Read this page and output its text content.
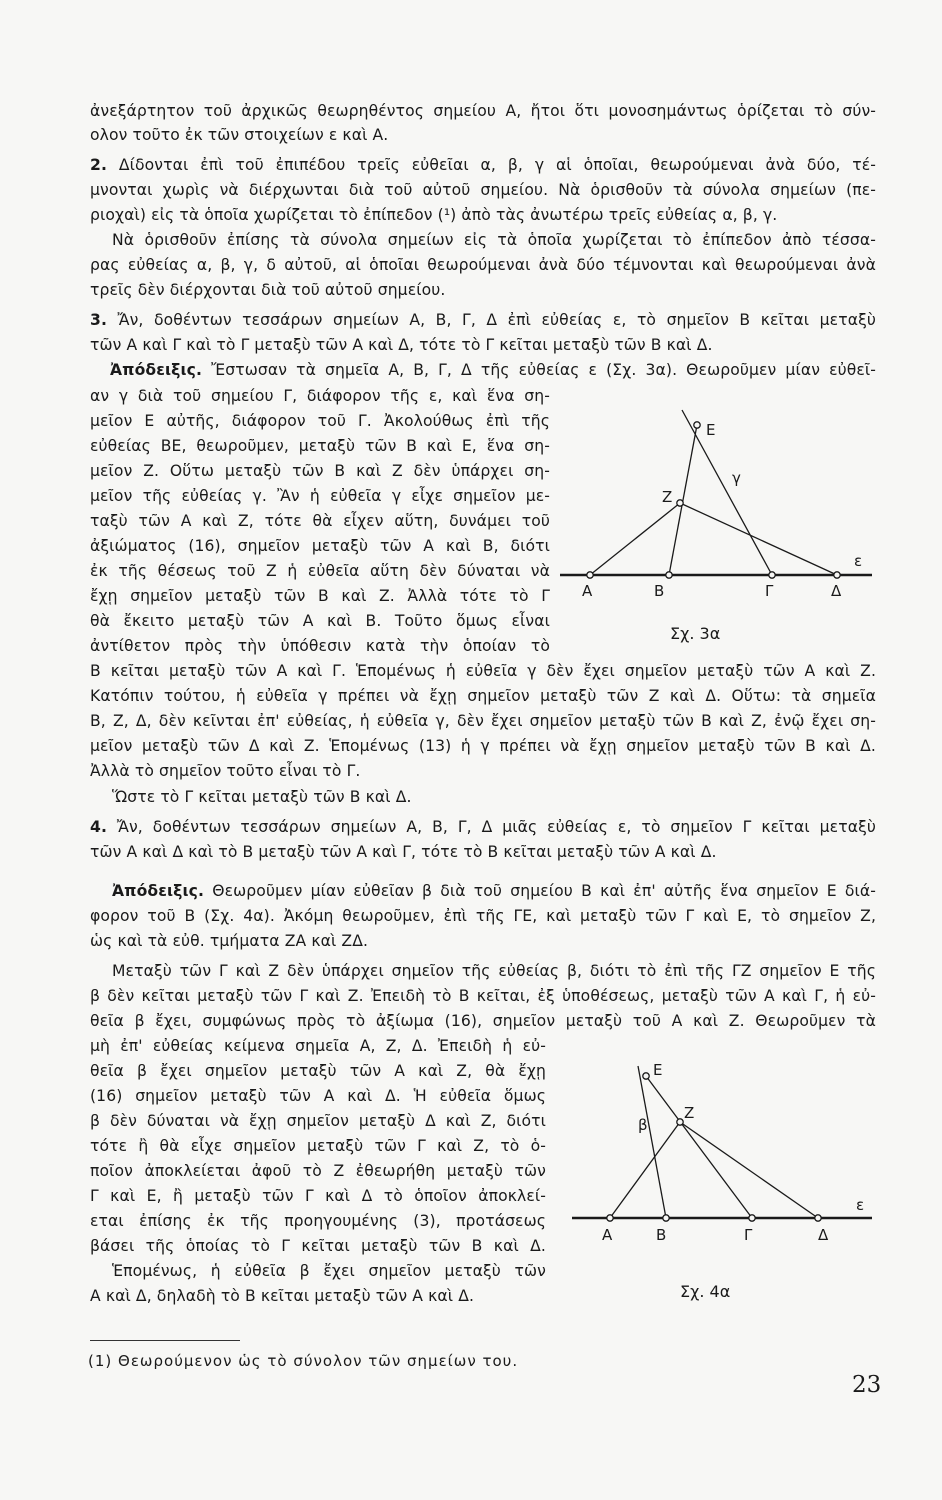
ἀνεξάρτητον τοῦ ἀρχικῶς θεωρηθέντος σημείου Α, ἤτοι ὅτι μονοσημάντως ὁρίζεται τὸ σύν-
ολον τοῦτο ἐκ τῶν στοιχείων ε καὶ Α.
2. Δίδονται ἐπὶ τοῦ ἐπιπέδου τρεῖς εὐθεῖαι α, β, γ αἱ ὁποῖαι, θεωρούμεναι ἀνὰ δύο, τέ-
μνονται χωρὶς νὰ διέρχωνται διὰ τοῦ αὐτοῦ σημείου. Νὰ ὁρισθοῦν τὰ σύνολα σημείων (πε-
ριοχαὶ) εἰς τὰ ὁποῖα χωρίζεται τὸ ἐπίπεδον (¹) ἀπὸ τὰς ἀνωτέρω τρεῖς εὐθείας α, β, γ.
Νὰ ὁρισθοῦν ἐπίσης τὰ σύνολα σημείων εἰς τὰ ὁποῖα χωρίζεται τὸ ἐπίπεδον ἀπὸ τέσσα-
ρας εὐθείας α, β, γ, δ αὐτοῦ, αἱ ὁποῖαι θεωρούμεναι ἀνὰ δύο τέμνονται καὶ θεωρούμεναι ἀνὰ
τρεῖς δὲν διέρχονται διὰ τοῦ αὐτοῦ σημείου.
3. Ἄν, δοθέντων τεσσάρων σημείων Α, Β, Γ, Δ ἐπὶ εὐθείας ε, τὸ σημεῖον Β κεῖται μεταξὺ
τῶν Α καὶ Γ καὶ τὸ Γ μεταξὺ τῶν Α καὶ Δ, τότε τὸ Γ κεῖται μεταξὺ τῶν Β καὶ Δ.
Ἀπόδειξις. Ἔστωσαν τὰ σημεῖα Α, Β, Γ, Δ τῆς εὐθείας ε (Σχ. 3α). Θεωροῦμεν μίαν εὐθεῖ-
αν γ διὰ τοῦ σημείου Γ, διάφορον τῆς ε, καὶ ἕνα ση-
μεῖον Ε αὐτῆς, διάφορον τοῦ Γ. Ἀκολούθως ἐπὶ τῆς
εὐθείας ΒΕ, θεωροῦμεν, μεταξὺ τῶν Β καὶ Ε, ἕνα ση-
μεῖον Ζ. Οὕτω μεταξὺ τῶν Β καὶ Ζ δὲν ὑπάρχει ση-
μεῖον τῆς εὐθείας γ. Ἂν ἡ εὐθεῖα γ εἶχε σημεῖον με-
ταξὺ τῶν Α καὶ Ζ, τότε θὰ εἶχεν αὕτη, δυνάμει τοῦ
ἀξιώματος (16), σημεῖον μεταξὺ τῶν Α καὶ Β, διότι
ἐκ τῆς θέσεως τοῦ Ζ ἡ εὐθεῖα αὕτη δὲν δύναται νὰ
ἔχῃ σημεῖον μεταξὺ τῶν Β καὶ Ζ. Ἀλλὰ τότε τὸ Γ
θὰ ἔκειτο μεταξὺ τῶν Α καὶ Β. Τοῦτο ὅμως εἶναι
ἀντίθετον πρὸς τὴν ὑπόθεσιν κατὰ τὴν ὁποίαν τὸ
Β κεῖται μεταξὺ τῶν Α καὶ Γ. Ἑπομένως ἡ εὐθεῖα γ δὲν ἔχει σημεῖον μεταξὺ τῶν Α καὶ Ζ.
Κατόπιν τούτου, ἡ εὐθεῖα γ πρέπει νὰ ἔχῃ σημεῖον μεταξὺ τῶν Ζ καὶ Δ. Οὕτω: τὰ σημεῖα
Β, Ζ, Δ, δὲν κεῖνται ἐπ' εὐθείας, ἡ εὐθεῖα γ, δὲν ἔχει σημεῖον μεταξὺ τῶν Β καὶ Ζ, ἐνῷ ἔχει ση-
μεῖον μεταξὺ τῶν Δ καὶ Ζ. Ἑπομένως (13) ἡ γ πρέπει νὰ ἔχῃ σημεῖον μεταξὺ τῶν Β καὶ Δ.
Ἀλλὰ τὸ σημεῖον τοῦτο εἶναι τὸ Γ.
Ὥστε τὸ Γ κεῖται μεταξὺ τῶν Β καὶ Δ.
4. Ἄν, δοθέντων τεσσάρων σημείων Α, Β, Γ, Δ μιᾶς εὐθείας ε, τὸ σημεῖον Γ κεῖται μεταξὺ
τῶν Α καὶ Δ καὶ τὸ Β μεταξὺ τῶν Α καὶ Γ, τότε τὸ Β κεῖται μεταξὺ τῶν Α καὶ Δ.
Ἀπόδειξις. Θεωροῦμεν μίαν εὐθεῖαν β διὰ τοῦ σημείου Β καὶ ἐπ' αὐτῆς ἕνα σημεῖον Ε διά-
φορον τοῦ Β (Σχ. 4α). Ἀκόμη θεωροῦμεν, ἐπὶ τῆς ΓΕ, καὶ μεταξὺ τῶν Γ καὶ Ε, τὸ σημεῖον Ζ,
ὡς καὶ τὰ εὐθ. τμήματα ΖΑ καὶ ΖΔ.
Μεταξὺ τῶν Γ καὶ Ζ δὲν ὑπάρχει σημεῖον τῆς εὐθείας β, διότι τὸ ἐπὶ τῆς ΓΖ σημεῖον Ε τῆς
β δὲν κεῖται μεταξὺ τῶν Γ καὶ Ζ. Ἐπειδὴ τὸ Β κεῖται, ἐξ ὑποθέσεως, μεταξὺ τῶν Α καὶ Γ, ἡ εὐ-
θεῖα β ἔχει, συμφώνως πρὸς τὸ ἀξίωμα (16), σημεῖον μεταξὺ τοῦ Α καὶ Ζ. Θεωροῦμεν τὰ
μὴ ἐπ' εὐθείας κείμενα σημεῖα Α, Ζ, Δ. Ἐπειδὴ ἡ εὐ-
θεῖα β ἔχει σημεῖον μεταξὺ τῶν Α καὶ Ζ, θὰ ἔχῃ
(16) σημεῖον μεταξὺ τῶν Α καὶ Δ. Ἡ εὐθεῖα ὅμως
β δὲν δύναται νὰ ἔχῃ σημεῖον μεταξὺ Δ καὶ Ζ, διότι
τότε ἢ θὰ εἶχε σημεῖον μεταξὺ τῶν Γ καὶ Ζ, τὸ ὁ-
ποῖον ἀποκλείεται ἀφοῦ τὸ Ζ ἐθεωρήθη μεταξὺ τῶν
Γ καὶ Ε, ἢ μεταξὺ τῶν Γ καὶ Δ τὸ ὁποῖον ἀποκλεί-
εται ἐπίσης ἐκ τῆς προηγουμένης (3), προτάσεως
βάσει τῆς ὁποίας τὸ Γ κεῖται μεταξὺ τῶν Β καὶ Δ.
Ἑπομένως, ἡ εὐθεῖα β ἔχει σημεῖον μεταξὺ τῶν
Α καὶ Δ, δηλαδὴ τὸ Β κεῖται μεταξὺ τῶν Α καὶ Δ.
Α	Β	Γ	Δ
Ζ
Ε
γ
ε
Σχ. 3α
Α	Β	Γ	Δ
Ζ
Ε
β
ε
Σχ. 4α
(1) Θεωρούμενον ὡς τὸ σύνολον τῶν σημείων του.
23
